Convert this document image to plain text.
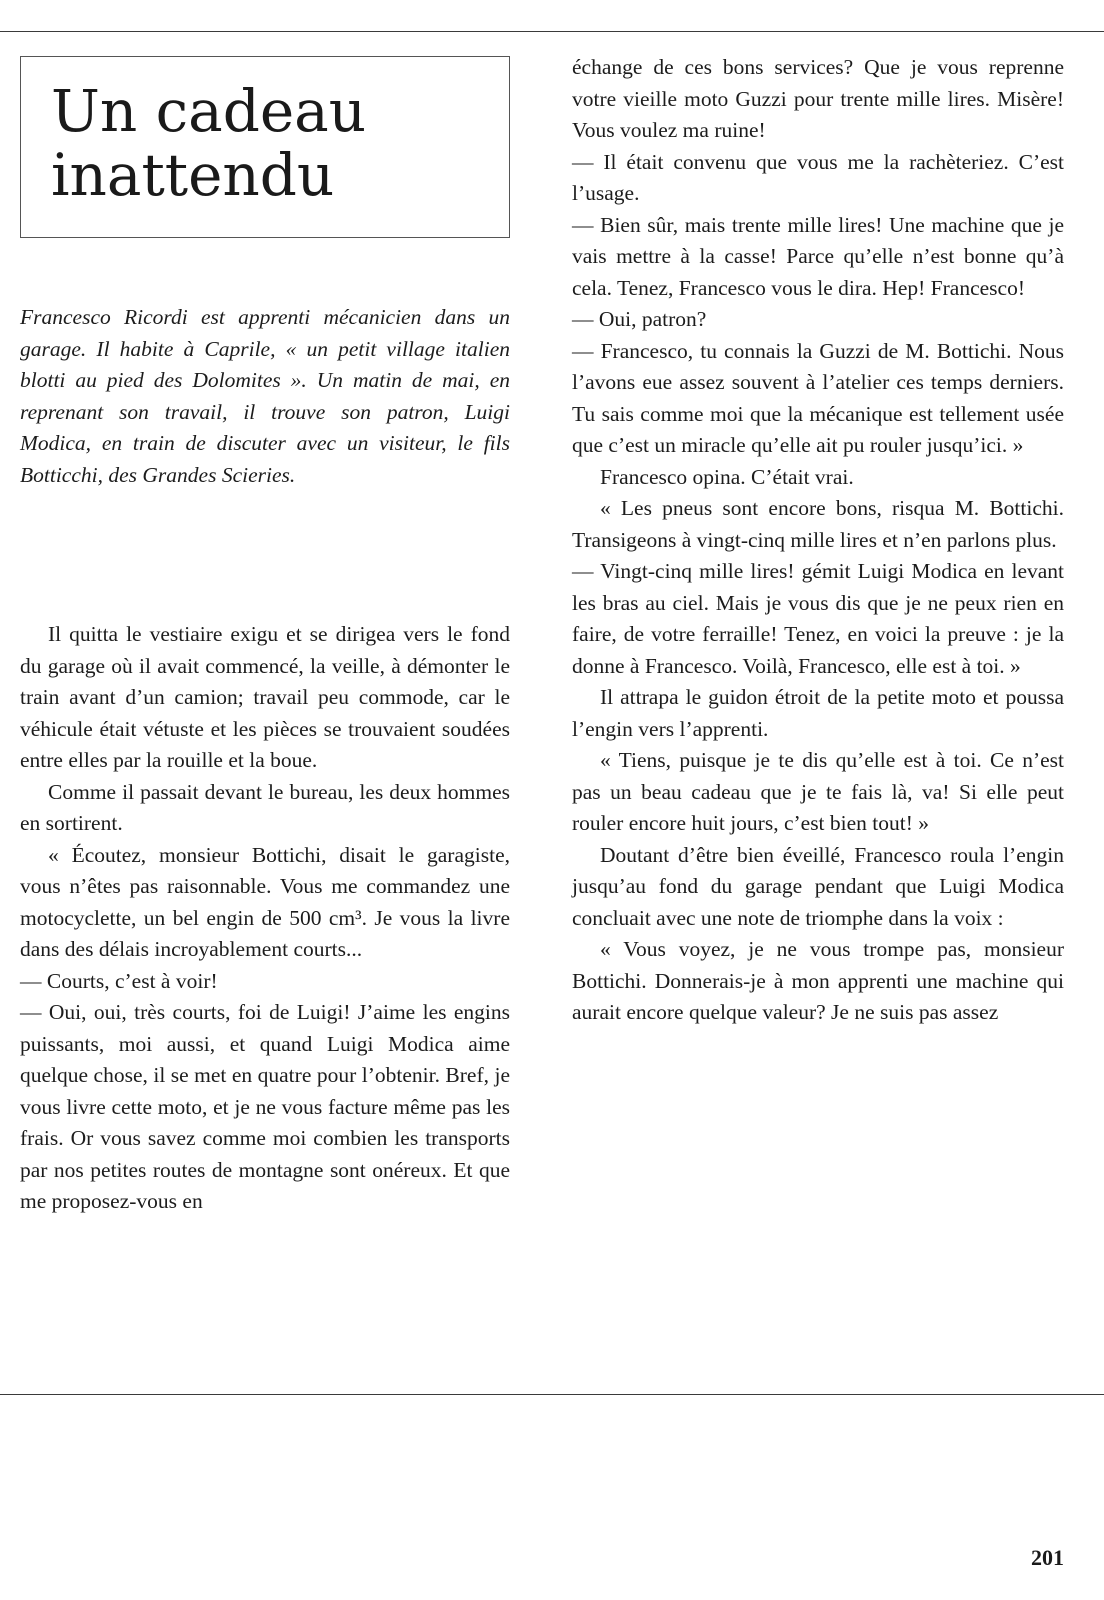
Un cadeau
inattendu

Francesco Ricordi est apprenti mécanicien dans un garage. Il habite à Caprile, « un petit village italien blotti au pied des Dolomites ». Un matin de mai, en reprenant son travail, il trouve son patron, Luigi Modica, en train de discuter avec un visiteur, le fils Botticchi, des Grandes Scieries.

Il quitta le vestiaire exigu et se dirigea vers le fond du garage où il avait commencé, la veille, à démonter le train avant d’un camion; travail peu commode, car le véhicule était vétuste et les pièces se trouvaient soudées entre elles par la rouille et la boue.

Comme il passait devant le bureau, les deux hommes en sortirent.

« Écoutez, monsieur Bottichi, disait le garagiste, vous n’êtes pas raisonnable. Vous me commandez une motocyclette, un bel engin de 500 cm³. Je vous la livre dans des délais incroyablement courts...

— Courts, c’est à voir!

— Oui, oui, très courts, foi de Luigi! J’aime les engins puissants, moi aussi, et quand Luigi Modica aime quelque chose, il se met en quatre pour l’obtenir. Bref, je vous livre cette moto, et je ne vous facture même pas les frais. Or vous savez comme moi combien les transports par nos petites routes de montagne sont onéreux. Et que me proposez-vous en

échange de ces bons services? Que je vous reprenne votre vieille moto Guzzi pour trente mille lires. Misère! Vous voulez ma ruine!

— Il était convenu que vous me la rachèteriez. C’est l’usage.

— Bien sûr, mais trente mille lires! Une machine que je vais mettre à la casse! Parce qu’elle n’est bonne qu’à cela. Tenez, Francesco vous le dira. Hep! Francesco!

— Oui, patron?

— Francesco, tu connais la Guzzi de M. Bottichi. Nous l’avons eue assez souvent à l’atelier ces temps derniers. Tu sais comme moi que la mécanique est tellement usée que c’est un miracle qu’elle ait pu rouler jusqu’ici. »

Francesco opina. C’était vrai.

« Les pneus sont encore bons, risqua M. Bottichi. Transigeons à vingt-cinq mille lires et n’en parlons plus.

— Vingt-cinq mille lires! gémit Luigi Modica en levant les bras au ciel. Mais je vous dis que je ne peux rien en faire, de votre ferraille! Tenez, en voici la preuve : je la donne à Francesco. Voilà, Francesco, elle est à toi. »

Il attrapa le guidon étroit de la petite moto et poussa l’engin vers l’apprenti.

« Tiens, puisque je te dis qu’elle est à toi. Ce n’est pas un beau cadeau que je te fais là, va! Si elle peut rouler encore huit jours, c’est bien tout! »

Doutant d’être bien éveillé, Francesco roula l’engin jusqu’au fond du garage pendant que Luigi Modica concluait avec une note de triomphe dans la voix :

« Vous voyez, je ne vous trompe pas, monsieur Bottichi. Donnerais-je à mon apprenti une machine qui aurait encore quelque valeur? Je ne suis pas assez

201
